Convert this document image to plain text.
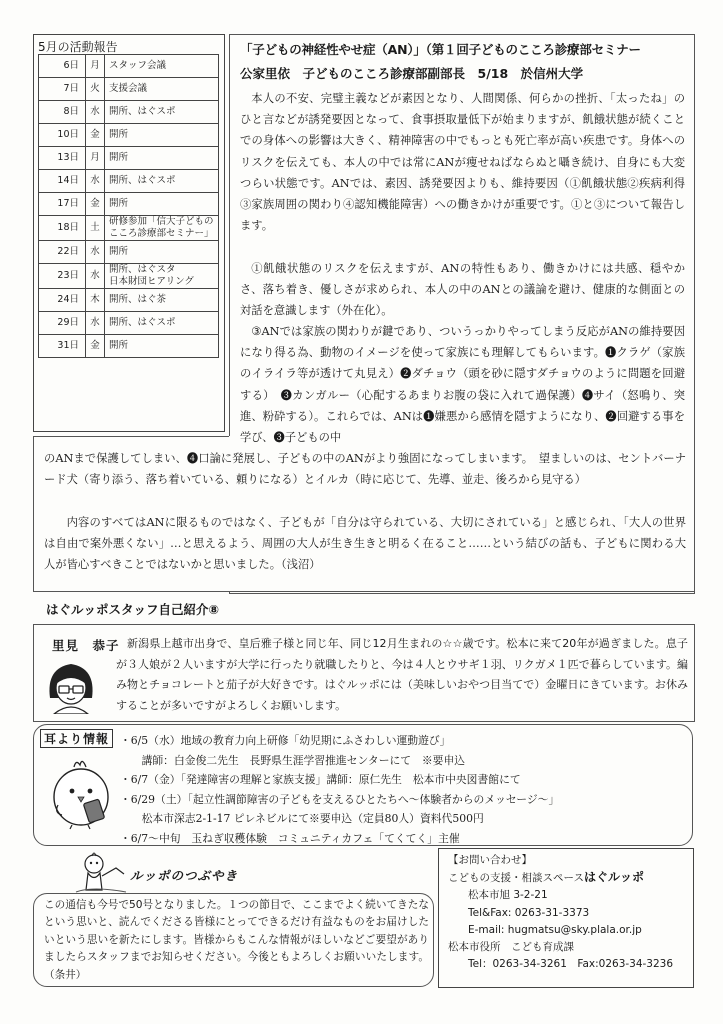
5月の活動報告
6日	月	スタッフ会議
7日	火	支援会議
8日	水	開所、はぐスポ
10日	金	開所
13日	月	開所
14日	水	開所、はぐスポ
17日	金	開所
18日	土	研修参加「信大子どものこころ診療部セミナー」
22日	水	開所
23日	水	開所、はぐスタ
日本財団ヒアリング
24日	木	開所、はぐ茶
29日	水	開所、はぐスポ
31日	金	開所
「子どもの神経性やせ症（AN）」（第１回子どものこころ診療部セミナー
公家里依　子どものこころ診療部副部長　5/18　於信州大学
本人の不安、完璧主義などが素因となり、人間関係、何らかの挫折、「太ったね」のひと言などが誘発要因となって、食事摂取量低下が始まりますが、飢餓状態が続くことでの身体への影響は大きく、精神障害の中でもっとも死亡率が高い疾患です。身体へのリスクを伝えても、本人の中では常にANが痩せねばならぬと囁き続け、自身にも大変つらい状態です。ANでは、素因、誘発要因よりも、維持要因（①飢餓状態②疾病利得③家族周囲の関わり④認知機能障害）への働きかけが重要です。①と③について報告します。
①飢餓状態のリスクを伝えますが、ANの特性もあり、働きかけには共感、穏やかさ、落ち着き、優しさが求められ、本人の中のANとの議論を避け、健康的な側面との対話を意識します（外在化）。
③ANでは家族の関わりが鍵であり、ついうっかりやってしまう反応がANの維持要因になり得る為、動物のイメージを使って家族にも理解してもらいます。❶クラゲ（家族のイライラ等が透けて丸見え）❷ダチョウ（頭を砂に隠すダチョウのように問題を回避する）　❸カンガルー（心配するあまりお腹の袋に入れて過保護）❹サイ（怒鳴り、突進、粉砕する）。これらでは、ANは❶嫌悪から感情を隠すようになり、❷回避する事を学び、❸子どもの中
のANまで保護してしまい、❹口論に発展し、子どもの中のANがより強固になってしまいます。　望ましいのは、セントバーナード犬（寄り添う、落ち着いている、頼りになる）とイルカ（時に応じて、先導、並走、後ろから見守る）
内容のすべてはANに限るものではなく、子どもが「自分は守られている、大切にされている」と感じられ、「大人の世界は自由で案外悪くない」…と思えるよう、周囲の大人が生き生きと明るく在ること……という結びの話も、子どもに関わる大人が皆心すべきことではないかと思いました。（浅沼）
はぐルッポスタッフ自己紹介⑧
里見　恭子 新潟県上越市出身で、皇后雅子様と同じ年、同じ12月生まれの☆☆歳です。松本に来て20年が過ぎました。息子が３人娘が２人いますが大学に行ったり就職したりと、今は４人とウサギ１羽、リクガメ１匹で暮らしています。編み物とチョコレートと茄子が大好きです。はぐルッポには（美味しいおやつ目当てで）金曜日にきています。お休みすることが多いですがよろしくお願いします。
耳より情報	・6/5（水）地域の教育力向上研修「幼児期にふさわしい運動遊び」
　　講師：白金俊二先生　長野県生涯学習推進センターにて　※要申込
・6/7（金）「発達障害の理解と家族支援」講師：原仁先生　松本市中央図書館にて
・6/29（土）「起立性調節障害の子どもを支えるひとたちへ～体験者からのメッセージ～」
　　松本市深志2-1-17 ピレネビルにて※要申込（定員80人）資料代500円
・6/7～中旬　玉ねぎ収穫体験　コミュニティカフェ「てくてく」主催
ルッポのつぶやき
この通信も今号で50号となりました。１つの節目で、ここまでよく続いてきたなという思いと、読んでくださる皆様にとってできるだけ有益なものをお届けしたいという思いを新たにします。皆様からもこんな情報がほしいなどご要望がありましたらスタッフまでお知らせください。今後ともよろしくお願いいたします。（条井）
【お問い合わせ】
こどもの支援・相談スペースはぐルッポ
松本市旭 3-2-21
Tel&Fax: 0263-31-3373
E-mail: hugmatsu@sky.plala.or.jp
松本市役所　こども育成課
Tel：0263-34-3261　Fax:0263-34-3236
